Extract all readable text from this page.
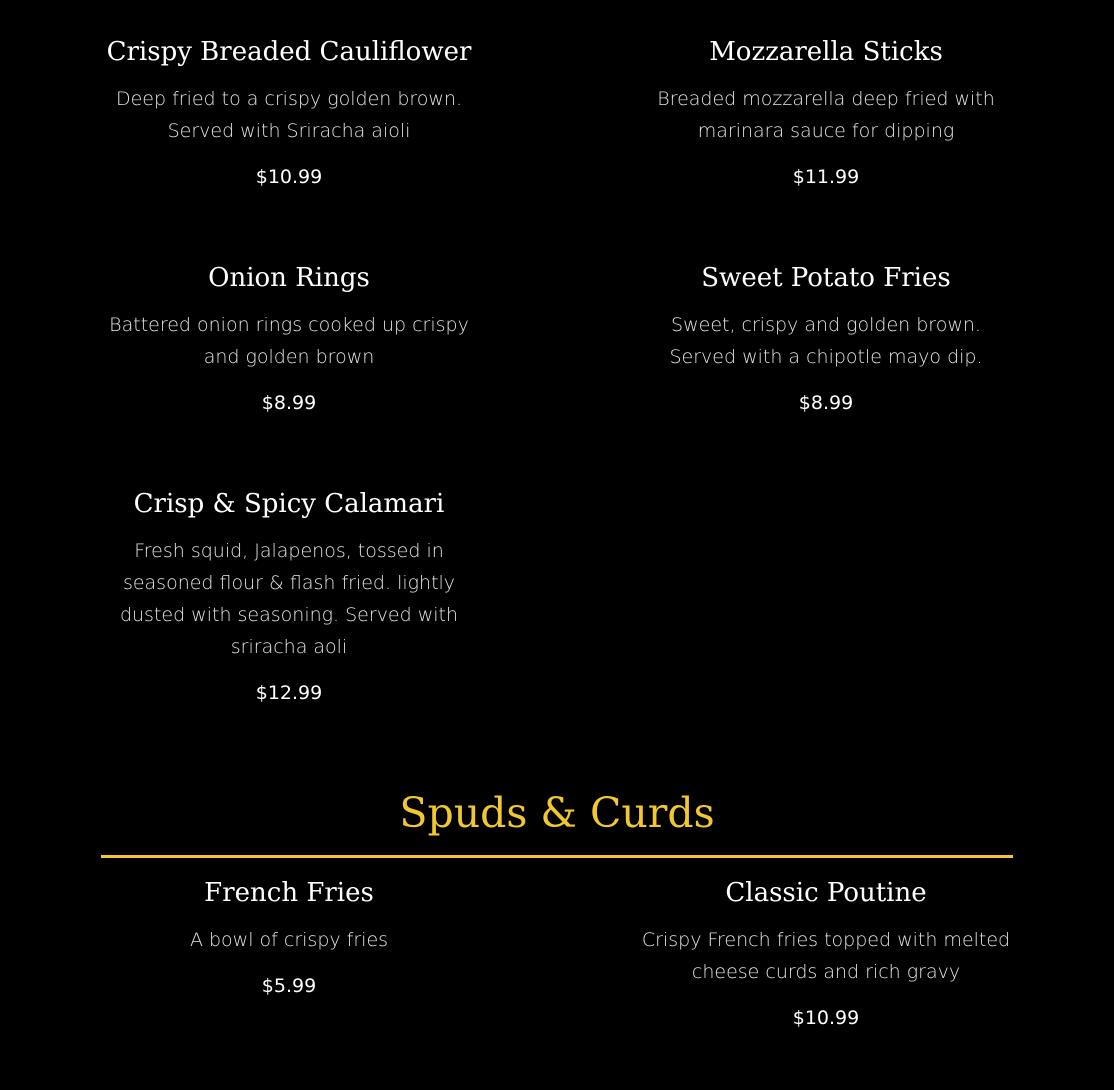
Crispy Breaded Cauliflower

Deep fried to a crispy golden brown. Served with Sriracha aioli

$10.99

Mozzarella Sticks

Breaded mozzarella deep fried with marinara sauce for dipping

$11.99

Onion Rings

Battered onion rings cooked up crispy and golden brown

$8.99

Sweet Potato Fries

Sweet, crispy and golden brown. Served with a chipotle mayo dip.

$8.99

Crisp & Spicy Calamari

Fresh squid, Jalapenos, tossed in seasoned flour & flash fried. lightly dusted with seasoning. Served with sriracha aoli

$12.99

Spuds & Curds
French Fries

A bowl of crispy fries

$5.99

Classic Poutine

Crispy French fries topped with melted cheese curds and rich gravy

$10.99
